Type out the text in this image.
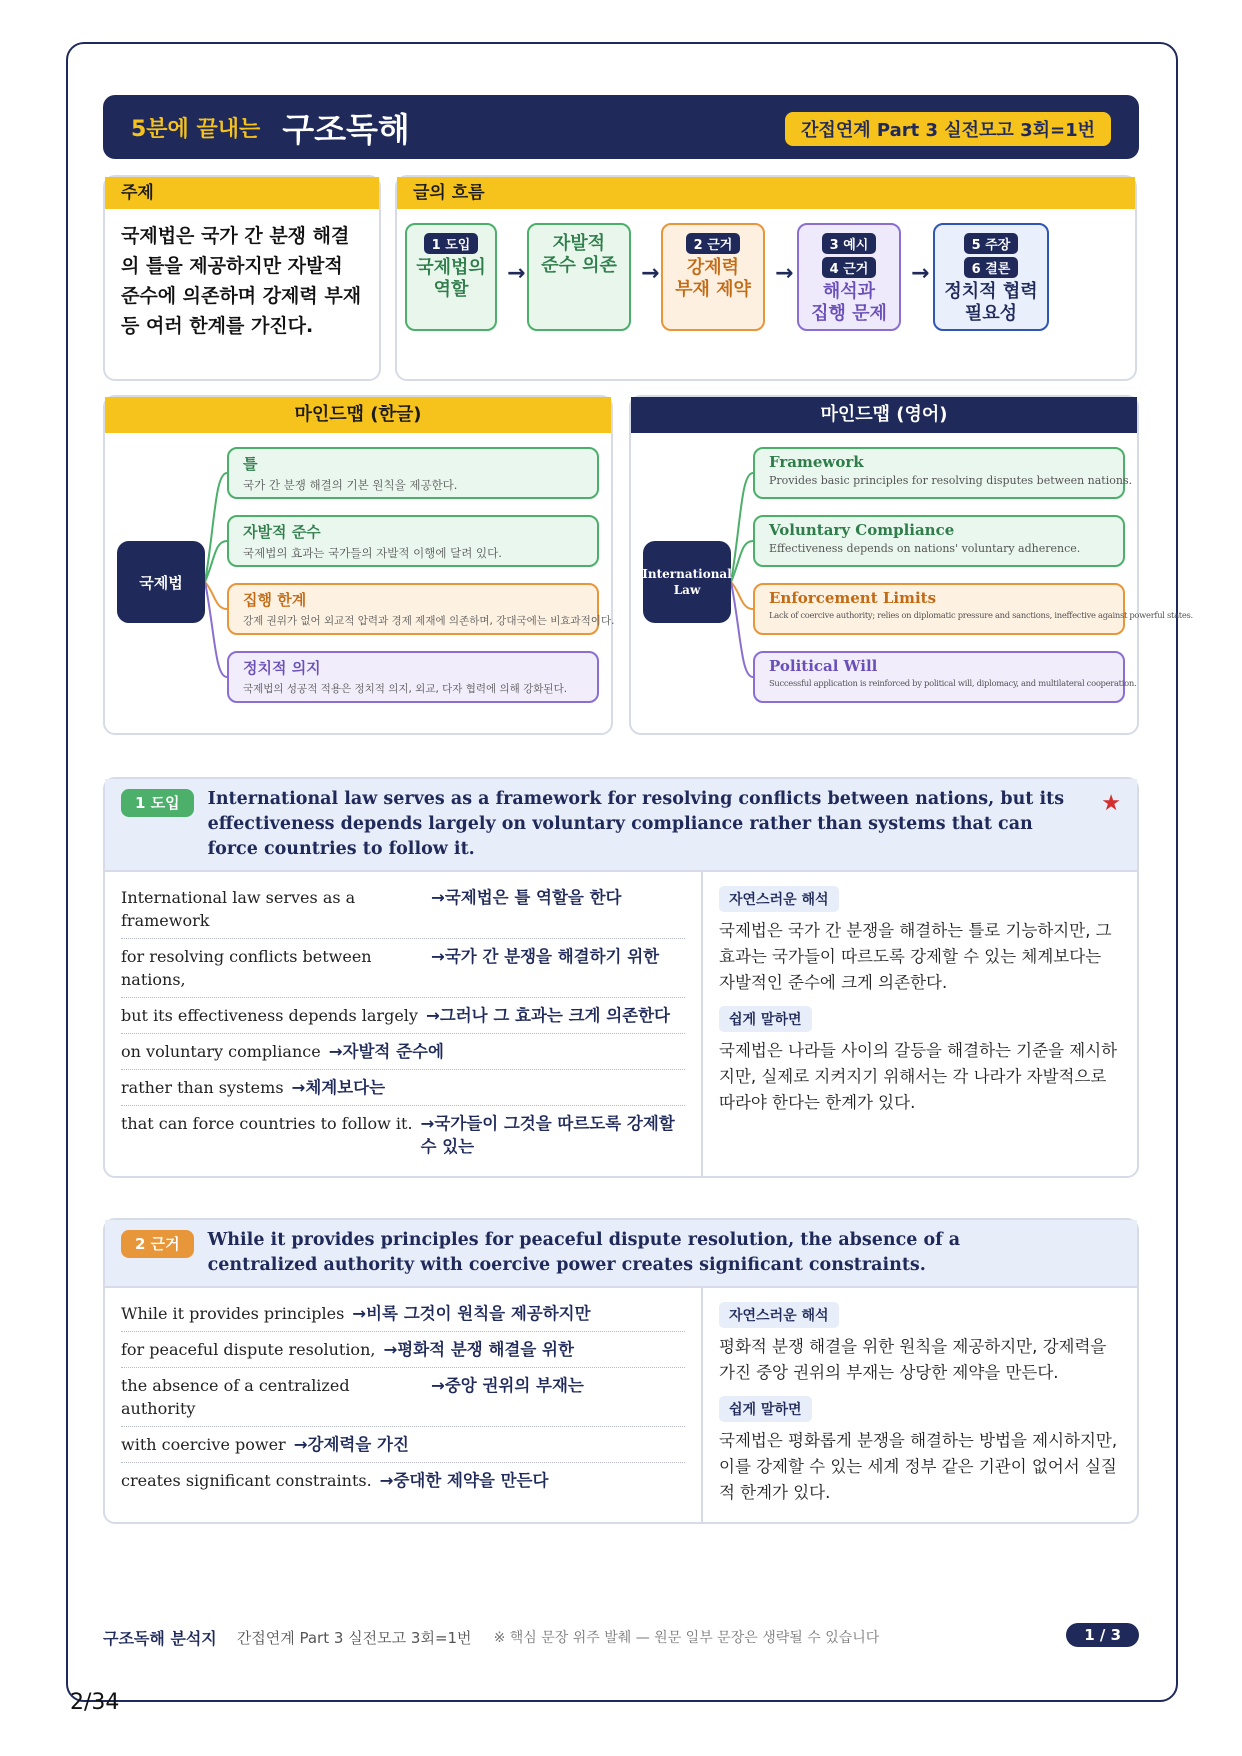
5분에 끝내는 구조독해	간접연계 Part 3 실전모고 3회=1번
주제
국제법은 국가 간 분쟁 해결의 틀을 제공하지만 자발적 준수에 의존하며 강제력 부재 등 여러 한계를 가진다.
글의 흐름
1 도입
국제법의
역할
→
자발적
준수 의존	→
2 근거
강제력
부재 제약
→
3 예시
4 근거
해석과
집행 문제
→
5 주장
6 결론
정치적 협력
필요성
마인드맵 (한글)
국제법
틀
국가 간 분쟁 해결의 기본 원칙을 제공한다.
자발적 준수
국제법의 효과는 국가들의 자발적 이행에 달려 있다.
집행 한계
강제 권위가 없어 외교적 압력과 경제 제재에 의존하며, 강대국에는 비효과적이다.
정치적 의지
국제법의 성공적 적용은 정치적 의지, 외교, 다자 협력에 의해 강화된다.
마인드맵 (영어)
International Law
Framework
Provides basic principles for resolving disputes between nations.
Voluntary Compliance
Effectiveness depends on nations' voluntary adherence.
Enforcement Limits
Lack of coercive authority; relies on diplomatic pressure and sanctions, ineffective against powerful states.
Political Will
Successful application is reinforced by political will, diplomacy, and multilateral cooperation.
1 도입	International law serves as a framework for resolving conflicts between nations, but its effectiveness depends largely on voluntary compliance rather than systems that can force countries to follow it.
★
International law serves as a framework
→국제법은 틀 역할을 한다
for resolving conflicts between nations,
→국가 간 분쟁을 해결하기 위한
but its effectiveness depends largely →그러나 그 효과는 크게 의존한다
on voluntary compliance →자발적 준수에
rather than systems →체계보다는
that can force countries to follow it. →국가들이 그것을 따르도록 강제할 수 있는
자연스러운 해석
국제법은 국가 간 분쟁을 해결하는 틀로 기능하지만, 그 효과는 국가들이 따르도록 강제할 수 있는 체계보다는 자발적인 준수에 크게 의존한다.
쉽게 말하면
국제법은 나라들 사이의 갈등을 해결하는 기준을 제시하지만, 실제로 지켜지기 위해서는 각 나라가 자발적으로 따라야 한다는 한계가 있다.
2 근거	While it provides principles for peaceful dispute resolution, the absence of a centralized authority with coercive power creates significant constraints.
While it provides principles →비록 그것이 원칙을 제공하지만
for peaceful dispute resolution, →평화적 분쟁 해결을 위한
the absence of a centralized authority
→중앙 권위의 부재는
with coercive power →강제력을 가진
creates significant constraints. →중대한 제약을 만든다
자연스러운 해석
평화적 분쟁 해결을 위한 원칙을 제공하지만, 강제력을 가진 중앙 권위의 부재는 상당한 제약을 만든다.
쉽게 말하면
국제법은 평화롭게 분쟁을 해결하는 방법을 제시하지만, 이를 강제할 수 있는 세계 정부 같은 기관이 없어서 실질적 한계가 있다.
구조독해 분석지 간접연계 Part 3 실전모고 3회=1번 ※ 핵심 문장 위주 발췌 — 원문 일부 문장은 생략될 수 있습니다	1 / 3
2/34
